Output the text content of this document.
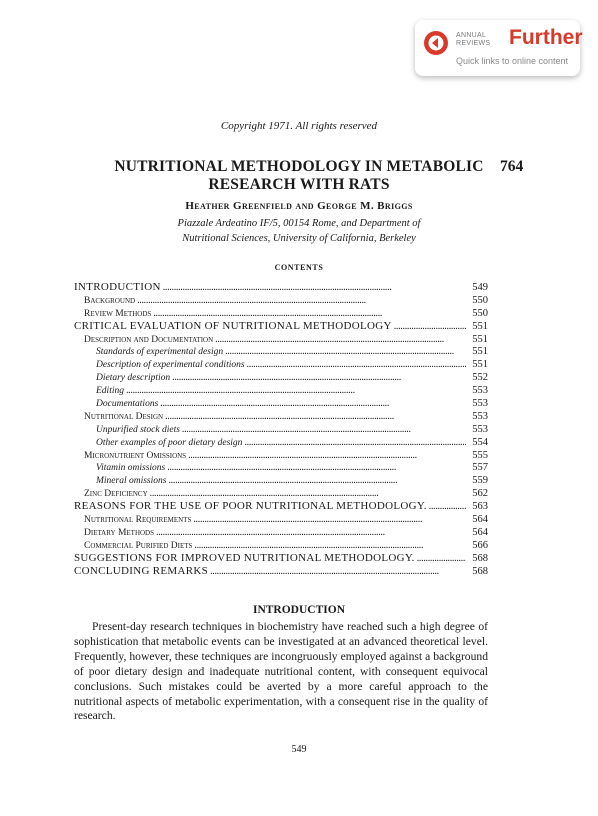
ANNUAL
REVIEWS Further
Quick links to online content
Copyright 1971. All rights reserved
NUTRITIONAL METHODOLOGY IN METABOLIC
RESEARCH WITH RATS
764
Heather Greenfield and George M. Briggs
Piazzale Ardeatino IF/5, 00154 Rome, and Department of
Nutritional Sciences, University of California, Berkeley
CONTENTS
INTRODUCTION . . .	549
Background . . .	550
Review Methods . . .	550
CRITICAL EVALUATION OF NUTRITIONAL METHODOLOGY . . .	551
Description and Documentation . . .	551
Standards of experimental design . . .	551
Description of experimental conditions . . .	551
Dietary description . . .	552
Editing . . .	553
Documentations . . .	553
Nutritional Design . . .	553
Unpurified stock diets . . .	553
Other examples of poor dietary design . . .	554
Micronutrient Omissions . . .	555
Vitamin omissions . . .	557
Mineral omissions . . .	559
Zinc Deficiency . . .	562
REASONS FOR THE USE OF POOR NUTRITIONAL METHODOLOGY. . . .	563
Nutritional Requirements . . .	564
Dietary Methods . . .	564
Commercial Purified Diets . . .	566
SUGGESTIONS FOR IMPROVED NUTRITIONAL METHODOLOGY. . . .	568
CONCLUDING REMARKS . . .	568
INTRODUCTION
Present-day research techniques in biochemistry have reached such a high degree of sophistication that metabolic events can be investigated at an advanced theoretical level. Frequently, however, these techniques are incongruously employed against a background of poor dietary design and inadequate nutritional content, with consequent equivocal conclusions. Such mistakes could be averted by a more careful approach to the nutritional aspects of metabolic experimentation, with a consequent rise in the quality of research.
549
